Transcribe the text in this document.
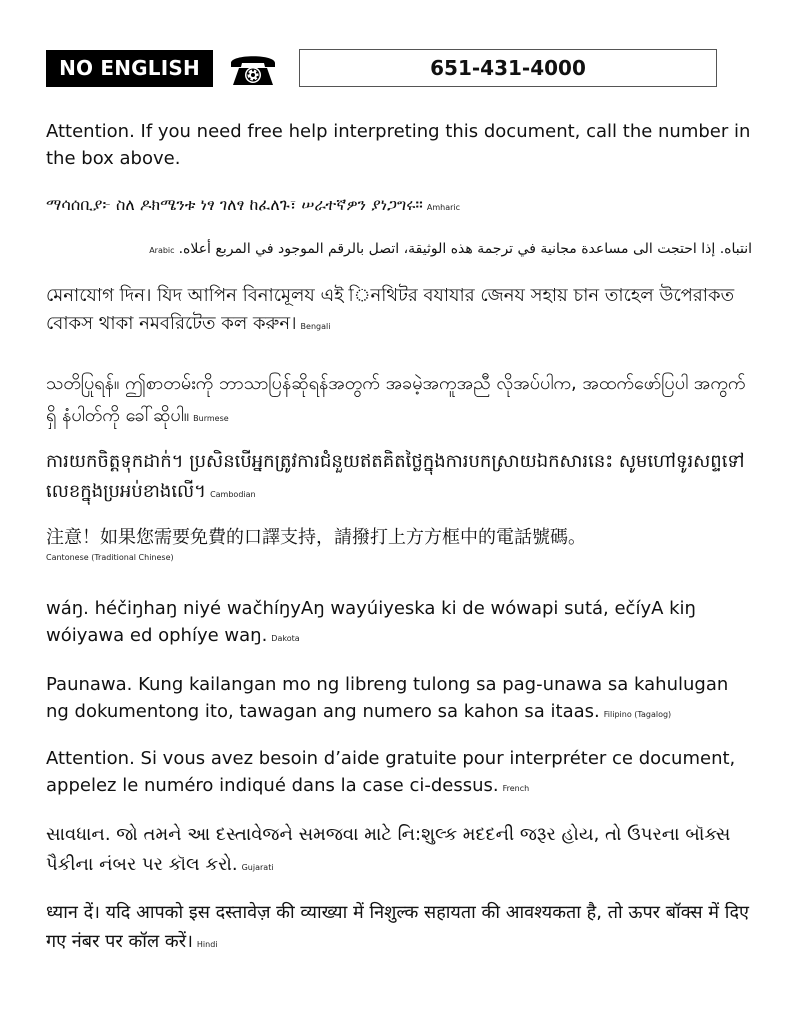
NO ENGLISH	651-431-4000
Attention. If you need free help interpreting this document, call the number in the box above.
ማሳሰቢያ፦ ስለ ዶክሜንቱ ነፃ ገለፃ ከፈለጉ፣ ሠራተኛዎን ያነጋግሩ። Amharic
Arabic انتباه. إذا احتجت الى مساعدة مجانية في ترجمة هذه الوثيقة، اتصل بالرقم الموجود في المربع أعلاه.
মেনাযোগ দিন। যিদ আপিন বিনামূেলয এই িনথিটর বযাযার জেনয সহায় চান তাহেল উপেরাকত বােকস থাকা নমবরিটেত কল করুন। Bengali
သတိပြုရန်။ ဤစာတမ်းကို ဘာသာပြန်ဆိုရန်အတွက် အခမဲ့အကူအညီ လိုအပ်ပါက, အထက်ဖော်ပြပါ အကွက်ရှိ နံပါတ်ကို ခေါ်ဆိုပါ။ Burmese
ការយកចិត្តទុកដាក់។ ប្រសិនបើអ្នកត្រូវការជំនួយឥតគិតថ្លៃក្នុងការបកស្រាយឯកសារនេះ សូមហៅទូរសព្ទទៅលេខក្នុងប្រអប់ខាងលើ។ Cambodian
注意！如果您需要免費的口譯支持，請撥打上方方框中的電話號碼。
Cantonese (Traditional Chinese)
wáŋ. héčiŋhaŋ niyé wačhíŋyAŋ wayúiyeska ki de wówapi sutá, ečíyA kiŋ wóiyawa ed ophíye waŋ. Dakota
Paunawa. Kung kailangan mo ng libreng tulong sa pag-unawa sa kahulugan ng dokumentong ito, tawagan ang numero sa kahon sa itaas. Filipino (Tagalog)
Attention. Si vous avez besoin d’aide gratuite pour interpréter ce document, appelez le numéro indiqué dans la case ci-dessus. French
સાવધાન. જો તમને આ દસ્તાવેજને સમજવા માટે નિ:શુલ્ક મદદની જરૂર હોય, તો ઉપરના બૉક્સ પૈકીના નંબર પર કૉલ કરો. Gujarati
ध्यान दें। यदि आपको इस दस्तावेज़ की व्याख्या में निशुल्क सहायता की आवश्यकता है, तो ऊपर बॉक्स में दिए गए नंबर पर कॉल करें। Hindi
